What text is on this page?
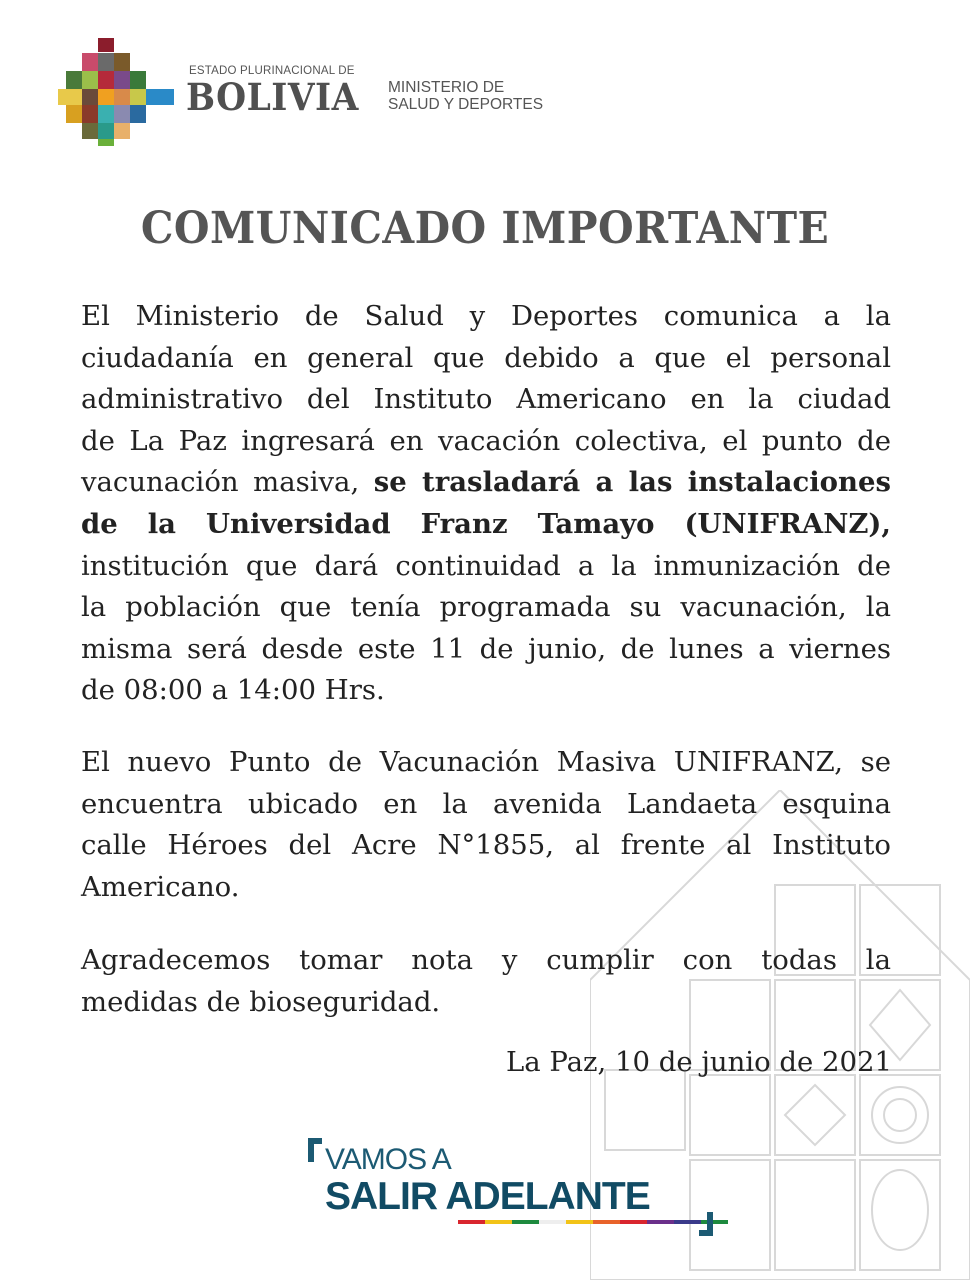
ESTADO PLURINACIONAL DE
BOLIVIA MINISTERIO DE
SALUD Y DEPORTES
COMUNICADO IMPORTANTE
El Ministerio de Salud y Deportes comunica a la
ciudadanía en general que debido a que el personal
administrativo del Instituto Americano en la ciudad
de La Paz ingresará en vacación colectiva, el punto de
vacunación masiva, se trasladará a las instalaciones
de la Universidad Franz Tamayo (UNIFRANZ),
institución que dará continuidad a la inmunización de
la población que tenía programada su vacunación, la
misma será desde este 11 de junio, de lunes a viernes
de 08:00 a 14:00 Hrs.
El nuevo Punto de Vacunación Masiva UNIFRANZ, se
encuentra ubicado en la avenida Landaeta esquina
calle Héroes del Acre N°1855, al frente al Instituto
Americano.
Agradecemos tomar nota y cumplir con todas la
medidas de bioseguridad.
La Paz, 10 de junio de 2021
VAMOS A
SALIR ADELANTE
